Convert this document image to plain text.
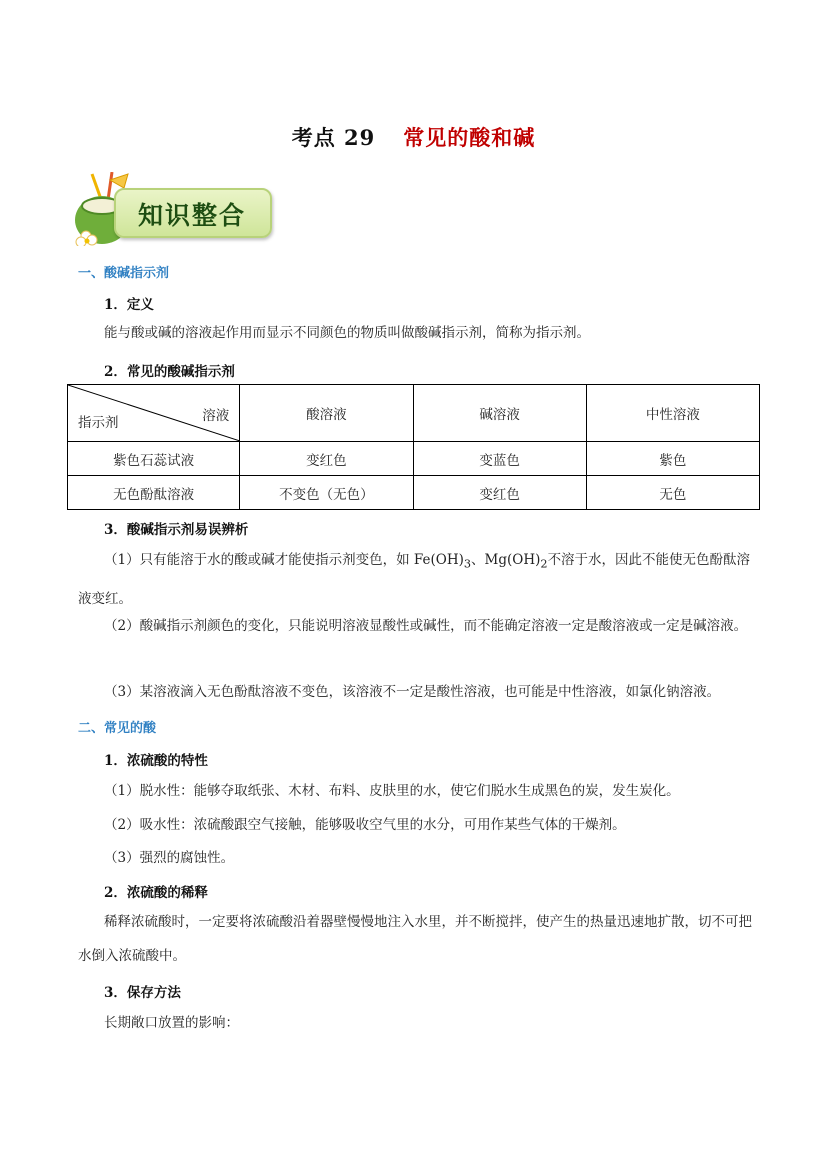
考点 29 常见的酸和碱
知识整合
一、酸碱指示剂
1．定义
能与酸或碱的溶液起作用而显示不同颜色的物质叫做酸碱指示剂，简称为指示剂。
2．常见的酸碱指示剂
指示剂 溶液	酸溶液	碱溶液	中性溶液
紫色石蕊试液	变红色	变蓝色	紫色
无色酚酞溶液	不变色（无色）	变红色	无色
3．酸碱指示剂易误辨析
（1）只有能溶于水的酸或碱才能使指示剂变色，如 $Fe(OH)_3$、$Mg(OH)_2$不溶于水，因此不能使无色酚酞溶液变红。
（2）酸碱指示剂颜色的变化，只能说明溶液显酸性或碱性，而不能确定溶液一定是酸溶液或一定是碱溶液。
（3）某溶液滴入无色酚酞溶液不变色，该溶液不一定是酸性溶液，也可能是中性溶液，如氯化钠溶液。
二、常见的酸
1．浓硫酸的特性
（1）脱水性：能够夺取纸张、木材、布料、皮肤里的水，使它们脱水生成黑色的炭，发生炭化。
（2）吸水性：浓硫酸跟空气接触，能够吸收空气里的水分，可用作某些气体的干燥剂。
（3）强烈的腐蚀性。
2．浓硫酸的稀释
稀释浓硫酸时，一定要将浓硫酸沿着器壁慢慢地注入水里，并不断搅拌，使产生的热量迅速地扩散，切不可把水倒入浓硫酸中。
3．保存方法
长期敞口放置的影响：
